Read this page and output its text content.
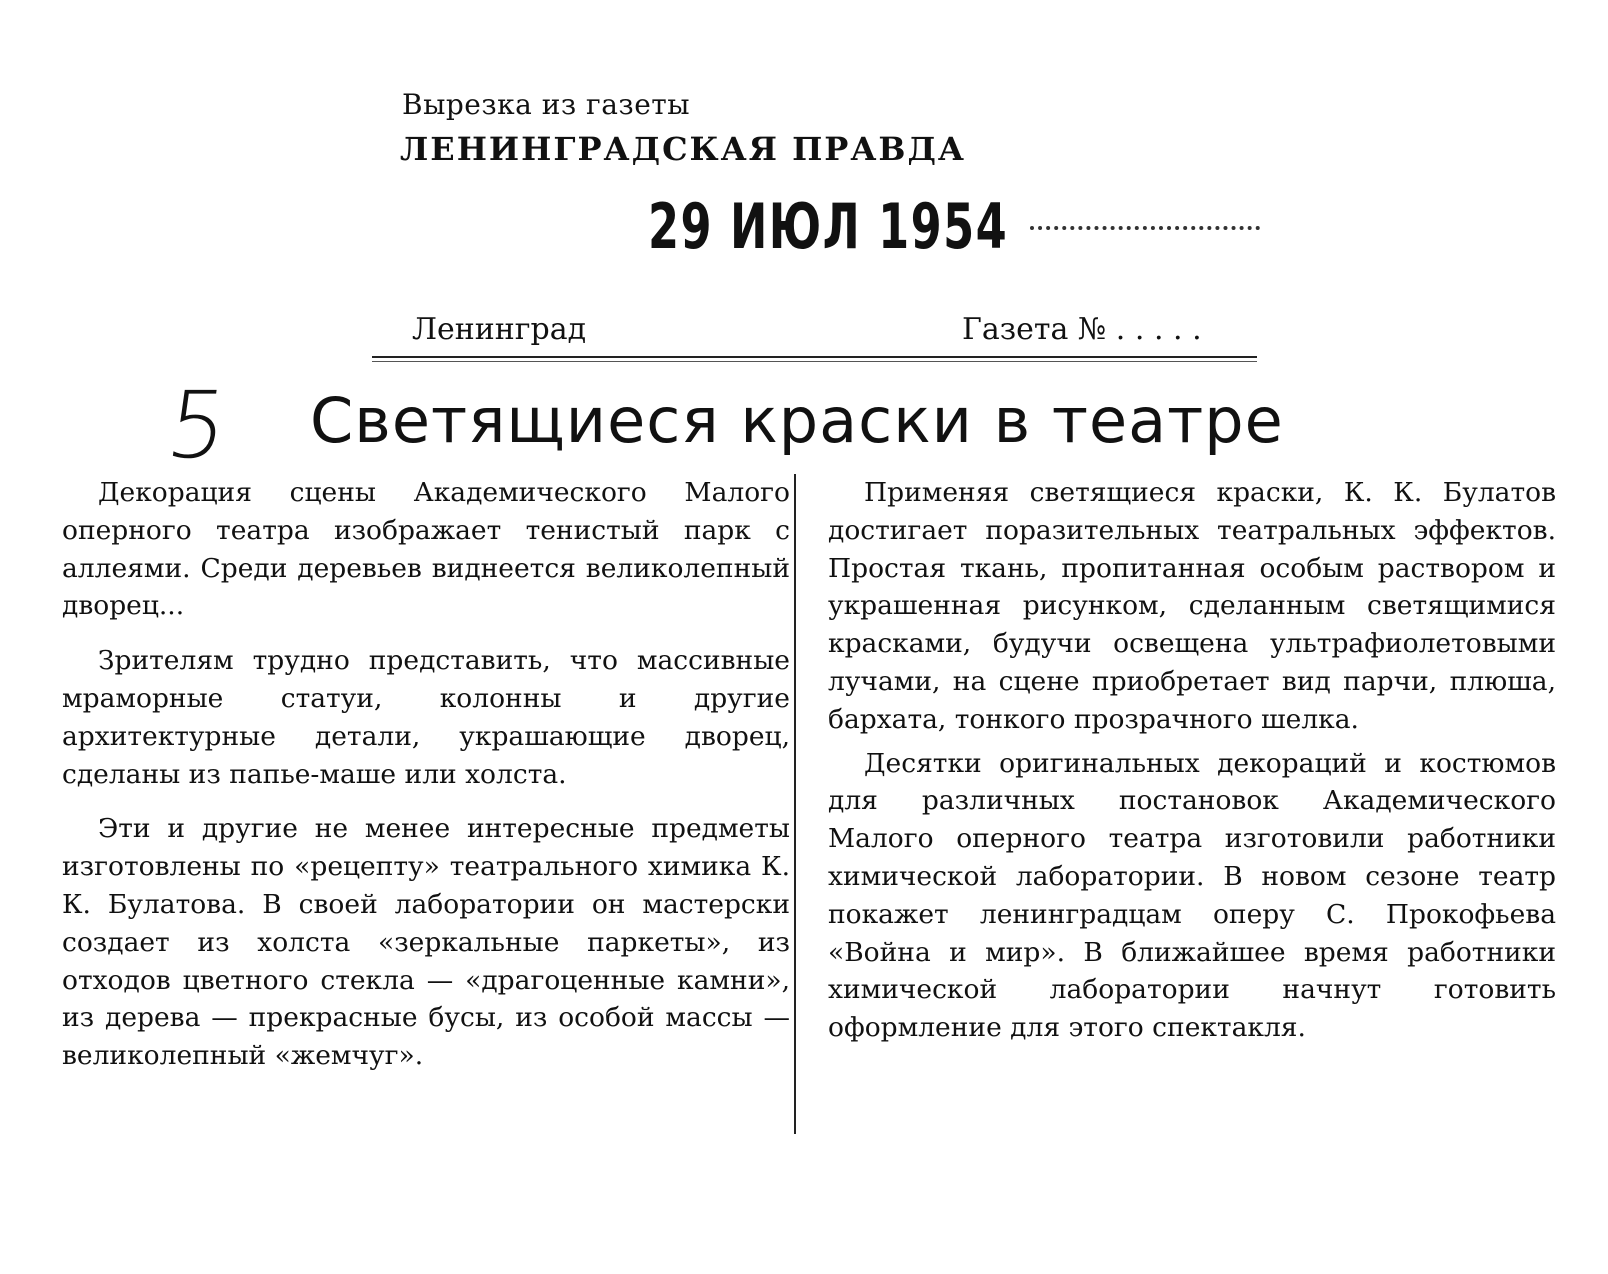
Вырезка из газеты
ЛЕНИНГРАДСКАЯ ПРАВДА
29 ИЮЛ 1954
Ленинград	Газета № . . . . .
5 Светящиеся краски в театре

Декорация сцены Академического Малого оперного театра изображает тенистый парк с аллеями. Среди деревьев виднеется великолепный дворец...

Зрителям трудно представить, что массивные мраморные статуи, колонны и другие архитектурные детали, украшающие дворец, сделаны из папье-маше или холста.

Эти и другие не менее интересные предметы изготовлены по «рецепту» театрального химика К. К. Булатова. В своей лаборатории он мастерски создает из холста «зеркальные паркеты», из отходов цветного стекла — «драгоценные камни», из дерева — прекрасные бусы, из особой массы — великолепный «жемчуг».

Применяя светящиеся краски, К. К. Булатов достигает поразительных театральных эффектов. Простая ткань, пропитанная особым раствором и украшенная рисунком, сделанным светящимися красками, будучи освещена ультрафиолетовыми лучами, на сцене приобретает вид парчи, плюша, бархата, тонкого прозрачного шелка.

Десятки оригинальных декораций и костюмов для различных постановок Академического Малого оперного театра изготовили работники химической лаборатории. В новом сезоне театр покажет ленинградцам оперу С. Прокофьева «Война и мир». В ближайшее время работники химической лаборатории начнут готовить оформление для этого спектакля.
